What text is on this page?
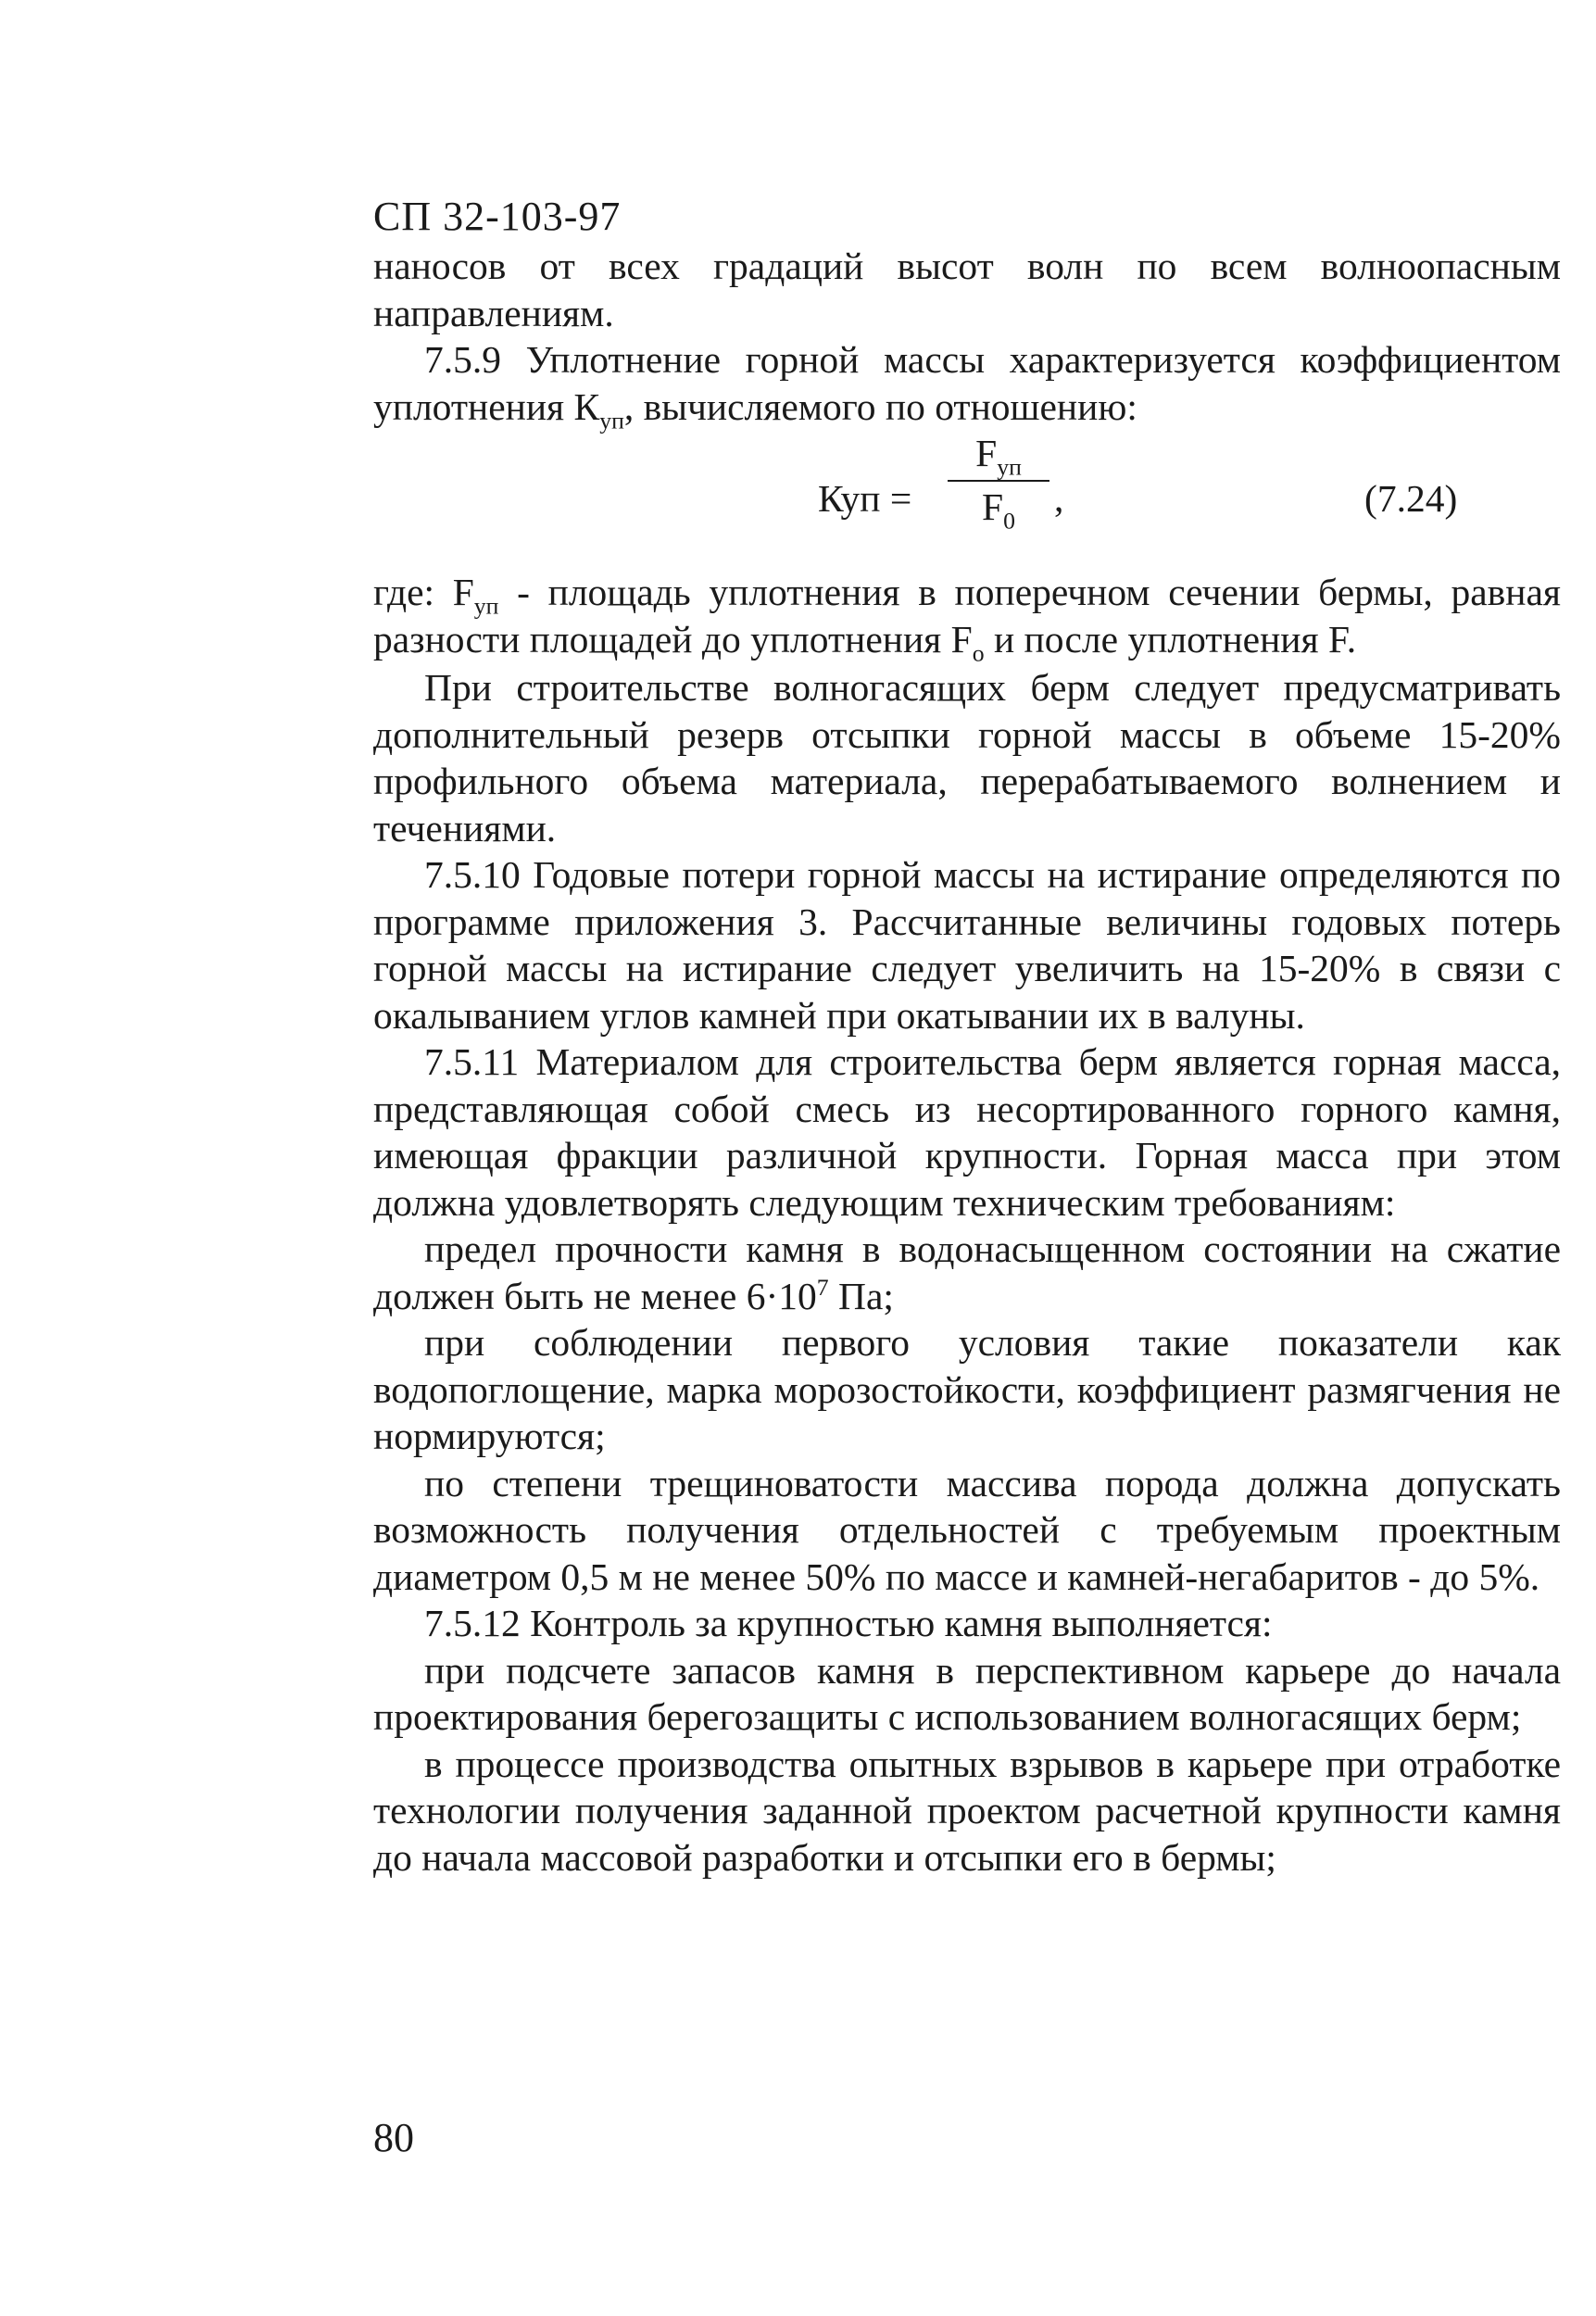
СП 32-103-97

наносов от всех градаций высот волн по всем волноопасным направлениям.

7.5.9 Уплотнение горной массы характеризуется коэффициентом уплотнения $К_{уп}$, вычисляемого по отношению:

Куп =
$F_{уп}$
$F_0$
,	(7.24)

где: $F_{уп}$ - площадь уплотнения в поперечном сечении бермы, равная разности площадей до уплотнения $F_о$ и после уплотнения F.

При строительстве волногасящих берм следует предусматривать дополнительный резерв отсыпки горной массы в объеме 15-20% профильного объема материала, перерабатываемого волнением и течениями.

7.5.10 Годовые потери горной массы на истирание определяются по программе приложения 3. Рассчитанные величины годовых потерь горной массы на истирание следует увеличить на 15-20% в связи с окалыванием углов камней при окатывании их в валуны.

7.5.11 Материалом для строительства берм является горная масса, представляющая собой смесь из несортированного горного камня, имеющая фракции различной крупности. Горная масса при этом должна удовлетворять следующим техническим требованиям:

предел прочности камня в водонасыщенном состоянии на сжатие должен быть не менее $6\cdot 10^7$ Па;

при соблюдении первого условия такие показатели как водопоглощение, марка морозостойкости, коэффициент размягчения не нормируются;

по степени трещиноватости массива порода должна допускать возможность получения отдельностей с требуемым проектным диаметром 0,5 м не менее 50% по массе и камней-негабаритов - до 5%.

7.5.12 Контроль за крупностью камня выполняется:

при подсчете запасов камня в перспективном карьере до начала проектирования берегозащиты с использованием волногасящих берм;

в процессе производства опытных взрывов в карьере при отработке технологии получения заданной проектом расчетной крупности камня до начала массовой разработки и отсыпки его в бермы;

80
